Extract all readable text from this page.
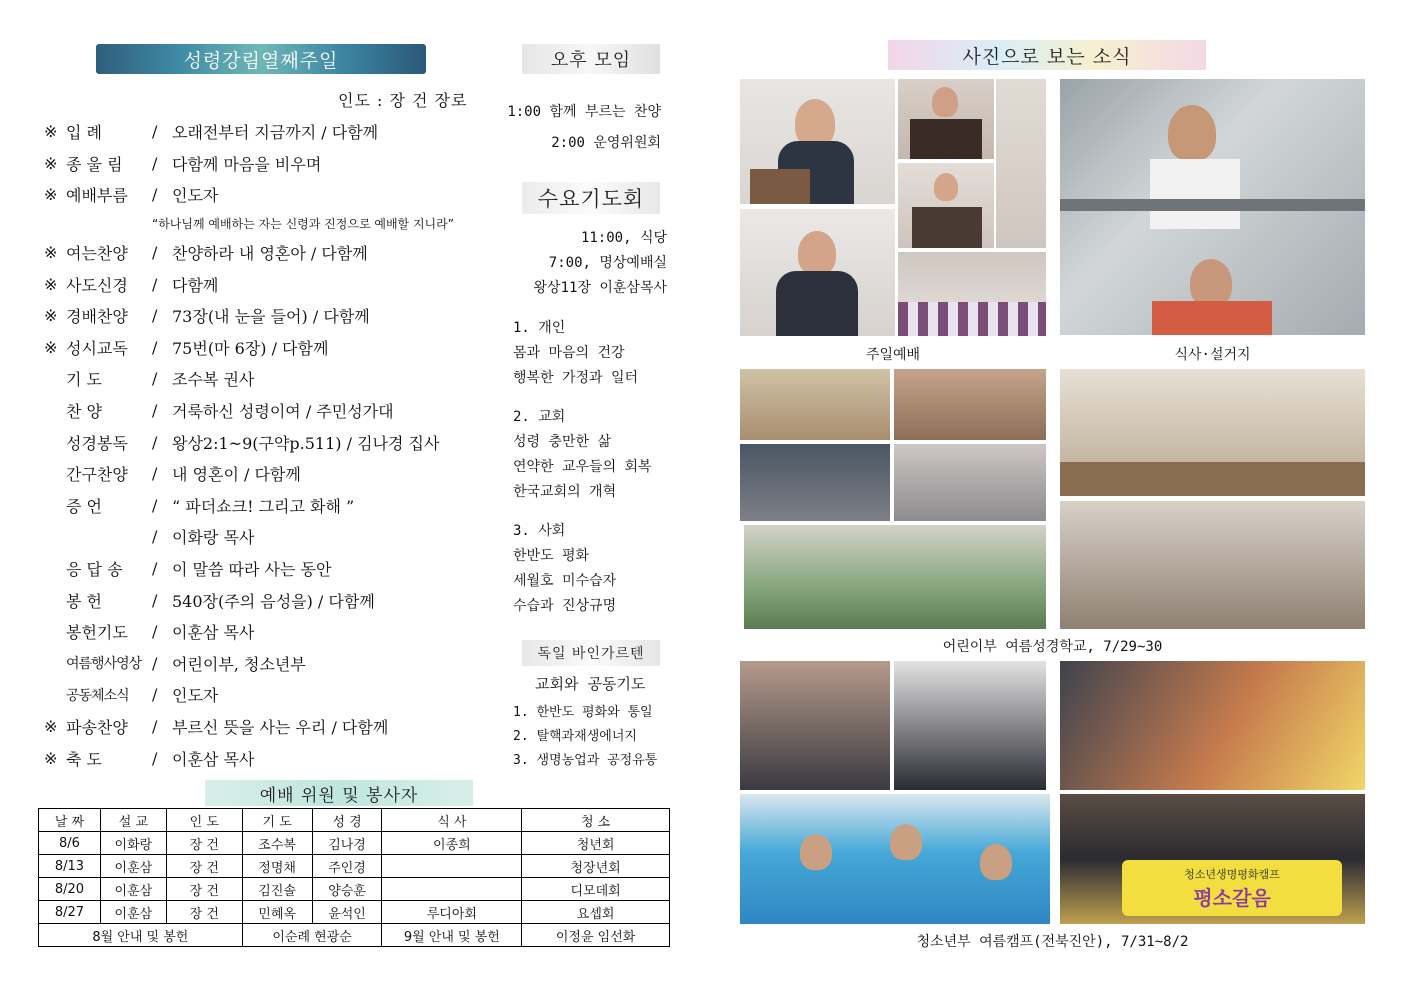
성령강림열째주일
인도 : 장 건 장로
※ 입 례	/ 오래전부터 지금까지 / 다함께
※ 종 울 림	/ 다함께 마음을 비우며
※ 예배부름	/ 인도자
“하나님께 예배하는 자는 신령과 진정으로 예배할 지니라”
※ 여는찬양	/ 찬양하라 내 영혼아 / 다함께
※ 사도신경	/ 다함께
※ 경배찬양	/ 73장(내 눈을 들어) / 다함께
※ 성시교독	/ 75번(마 6장) / 다함께
기 도	/ 조수복 권사
찬 양	/ 거룩하신 성령이여 / 주민성가대
성경봉독	/ 왕상2:1~9(구약p.511) / 김나경 집사
간구찬양	/ 내 영혼이 / 다함께
증 언	/ “ 파더쇼크! 그리고 화해 ”
/ 이화랑 목사
응 답 송	/ 이 말씀 따라 사는 동안
봉 헌	/ 540장(주의 음성을) / 다함께
봉헌기도	/ 이훈삼 목사
여름행사영상 / 어린이부, 청소년부
공동체소식	/ 인도자
※ 파송찬양	/ 부르신 뜻을 사는 우리 / 다함께
※ 축 도	/ 이훈삼 목사
오후 모임
1:00 함께 부르는 찬양
2:00 운영위원회
수요기도회
11:00, 식당
7:00, 명상예배실
왕상11장 이훈삼목사
1. 개인
몸과 마음의 건강
행복한 가정과 일터
2. 교회
성령 충만한 삶
연약한 교우들의 회복
한국교회의 개혁
3. 사회
한반도 평화
세월호 미수습자
수습과 진상규명
독일 바인가르텐
교회와 공동기도
1. 한반도 평화와 통일
2. 탈핵과재생에너지
3. 생명농업과 공정유통
예배 위원 및 봉사자
날 짜	설 교	인 도	기 도	성 경	식 사	청 소
8/6	이화랑	장 건	조수복	김나경	이종희	청년회
8/13	이훈삼	장 건	정명채	주인경		청장년회
8/20	이훈삼	장 건	김진솔	양승훈		디모데회
8/27	이훈삼	장 건	민혜옥	윤석인	루디아회	요셉회
8월 안내 및 봉헌			이순례 현광순		9월 안내 및 봉헌	이정윤 임선화
사진으로 보는 소식
주일예배	식사·설거지
어린이부 여름성경학교, 7/29~30
청소년생명평화캠프
평소갈음
청소년부 여름캠프(전북진안), 7/31~8/2
